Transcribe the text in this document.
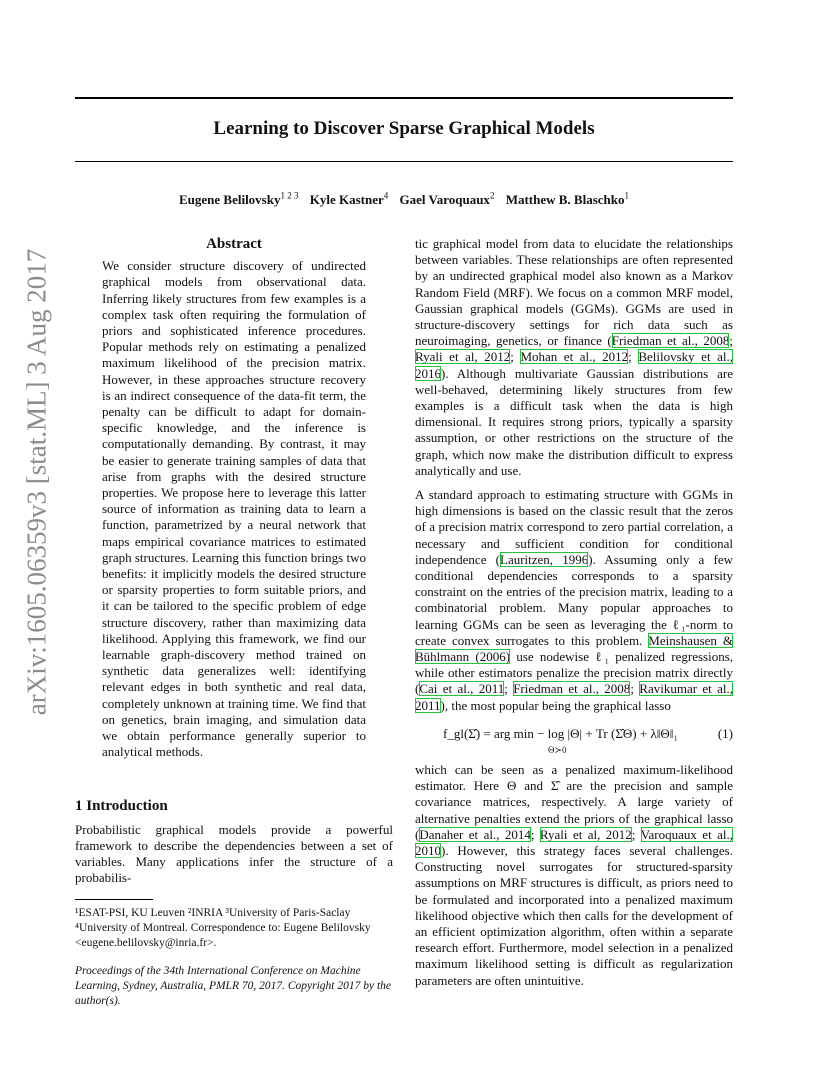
Learning to Discover Sparse Graphical Models
Eugene Belilovsky$^{1 2 3}$ Kyle Kastner$^4$ Gael Varoquaux$^2$ Matthew B. Blaschko$^1$
arXiv:1605.06359v3 [stat.ML] 3 Aug 2017
Abstract

We consider structure discovery of undirected graphical models from observational data. Inferring likely structures from few examples is a complex task often requiring the formulation of priors and sophisticated inference procedures. Popular methods rely on estimating a penalized maximum likelihood of the precision matrix. However, in these approaches structure recovery is an indirect consequence of the data-fit term, the penalty can be difficult to adapt for domain-specific knowledge, and the inference is computationally demanding. By contrast, it may be easier to generate training samples of data that arise from graphs with the desired structure properties. We propose here to leverage this latter source of information as training data to learn a function, parametrized by a neural network that maps empirical covariance matrices to estimated graph structures. Learning this function brings two benefits: it implicitly models the desired structure or sparsity properties to form suitable priors, and it can be tailored to the specific problem of edge structure discovery, rather than maximizing data likelihood. Applying this framework, we find our learnable graph-discovery method trained on synthetic data generalizes well: identifying relevant edges in both synthetic and real data, completely unknown at training time. We find that on genetics, brain imaging, and simulation data we obtain performance generally superior to analytical methods.

1 Introduction

Probabilistic graphical models provide a powerful framework to describe the dependencies between a set of variables. Many applications infer the structure of a probabilis-

¹ESAT-PSI, KU Leuven ²INRIA ³University of Paris-Saclay ⁴University of Montreal. Correspondence to: Eugene Belilovsky <eugene.belilovsky@inria.fr>.

Proceedings of the 34th International Conference on Machine Learning, Sydney, Australia, PMLR 70, 2017. Copyright 2017 by the author(s).

tic graphical model from data to elucidate the relationships between variables. These relationships are often represented by an undirected graphical model also known as a Markov Random Field (MRF). We focus on a common MRF model, Gaussian graphical models (GGMs). GGMs are used in structure-discovery settings for rich data such as neuroimaging, genetics, or finance (Friedman et al., 2008; Ryali et al, 2012; Mohan et al., 2012; Belilovsky et al., 2016). Although multivariate Gaussian distributions are well-behaved, determining likely structures from few examples is a difficult task when the data is high dimensional. It requires strong priors, typically a sparsity assumption, or other restrictions on the structure of the graph, which now make the distribution difficult to express analytically and use.

A standard approach to estimating structure with GGMs in high dimensions is based on the classic result that the zeros of a precision matrix correspond to zero partial correlation, a necessary and sufficient condition for conditional independence (Lauritzen, 1996). Assuming only a few conditional dependencies corresponds to a sparsity constraint on the entries of the precision matrix, leading to a combinatorial problem. Many popular approaches to learning GGMs can be seen as leveraging the ℓ₁-norm to create convex surrogates to this problem. Meinshausen & Bühlmann (2006) use nodewise ℓ₁ penalized regressions, while other estimators penalize the precision matrix directly (Cai et al., 2011; Friedman et al., 2008; Ravikumar et al., 2011), the most popular being the graphical lasso

f_gl(Σ̂) = arg min − log |Θ| + Tr (Σ̂Θ) + λ‖Θ‖₁
Θ≻0
(1)

which can be seen as a penalized maximum-likelihood estimator. Here Θ and Σ̂ are the precision and sample covariance matrices, respectively. A large variety of alternative penalties extend the priors of the graphical lasso (Danaher et al., 2014; Ryali et al, 2012; Varoquaux et al., 2010). However, this strategy faces several challenges. Constructing novel surrogates for structured-sparsity assumptions on MRF structures is difficult, as priors need to be formulated and incorporated into a penalized maximum likelihood objective which then calls for the development of an efficient optimization algorithm, often within a separate research effort. Furthermore, model selection in a penalized maximum likelihood setting is difficult as regularization parameters are often unintuitive.
